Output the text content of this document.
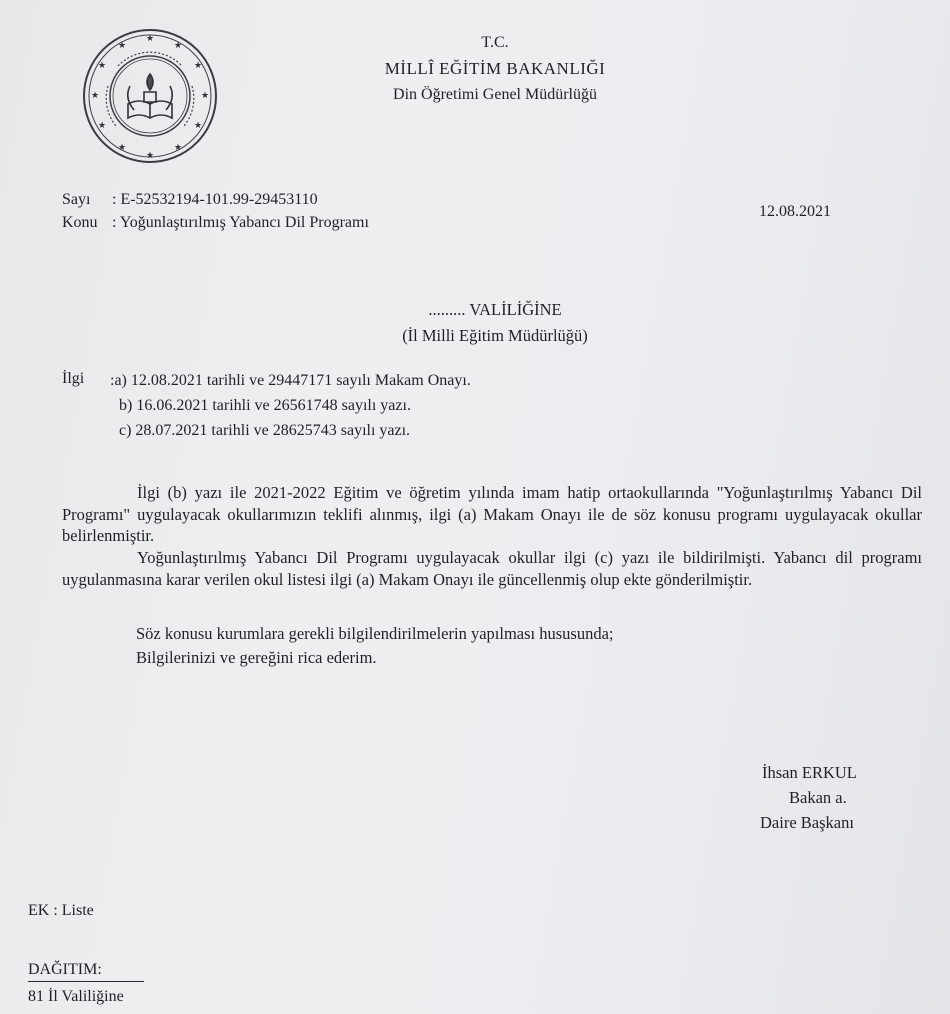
★
★
★
★
★
★
★
★
★
★
★
★	T.C.
MİLLÎ EĞİTİM BAKANLIĞI
Din Öğretimi Genel Müdürlüğü
Sayı : E-52532194-101.99-29453110
Konu : Yoğunlaştırılmış Yabancı Dil Programı
12.08.2021
......... VALİLİĞİNE
(İl Milli Eğitim Müdürlüğü)
İlgi :a) 12.08.2021 tarihli ve 29447171 sayılı Makam Onayı.
b) 16.06.2021 tarihli ve 26561748 sayılı yazı.
c) 28.07.2021 tarihli ve 28625743 sayılı yazı.

İlgi (b) yazı ile 2021-2022 Eğitim ve öğretim yılında imam hatip ortaokullarında "Yoğunlaştırılmış Yabancı Dil Programı" uygulayacak okullarımızın teklifi alınmış, ilgi (a) Makam Onayı ile de söz konusu programı uygulayacak okullar belirlenmiştir.

Yoğunlaştırılmış Yabancı Dil Programı uygulayacak okullar ilgi (c) yazı ile bildirilmişti. Yabancı dil programı uygulanmasına karar verilen okul listesi ilgi (a) Makam Onayı ile güncellenmiş olup ekte gönderilmiştir.

Söz konusu kurumlara gerekli bilgilendirilmelerin yapılması hususunda;
Bilgilerinizi ve gereğini rica ederim.
İhsan ERKUL
Bakan a.
Daire Başkanı
EK : Liste
DAĞITIM:
81 İl Valiliğine
